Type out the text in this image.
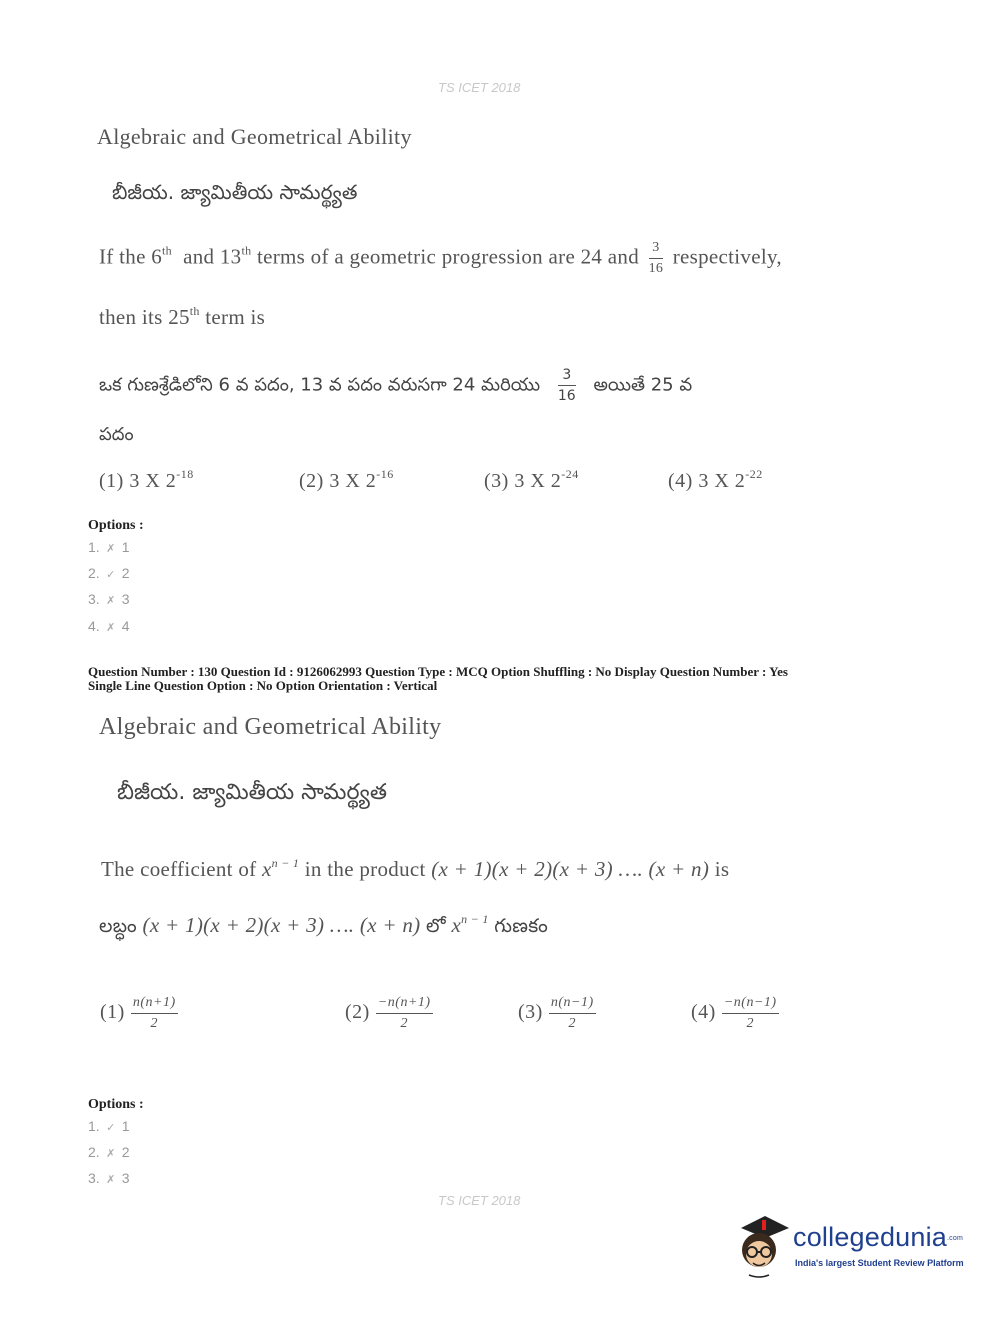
TS ICET 2018
Algebraic and Geometrical Ability
బీజీయ. జ్యామితీయ సామర్థ్యత
If the 6th and 13th terms of a geometric progression are 24 and $\frac{3}{16}$ respectively,
then its 25th term is
ఒక గుణశ్రేడిలోని 6 వ పదం, 13 వ పదం వరుసగా 24 మరియు $\frac{3}{16}$ అయితే 25 వ
పదం
(1) 3 X $2^{-18}$	(2) 3 X $2^{-16}$	(3) 3 X $2^{-24}$	(4) 3 X $2^{-22}$
Options :
1. ✗ 1
2. ✓ 2
3. ✗ 3
4. ✗ 4
Question Number : 130 Question Id : 9126062993 Question Type : MCQ Option Shuffling : No Display Question Number : Yes
Single Line Question Option : No Option Orientation : Vertical
Algebraic and Geometrical Ability
బీజీయ. జ్యామితీయ సామర్థ్యత
The coefficient of $x^{n - 1}$ in the product (x + 1)(x + 2)(x + 3) …. (x + n) is
లబ్ధం (x + 1)(x + 2)(x + 3) …. (x + n) లో $x^{n - 1}$ గుణకం
$(1) \frac{n(n+1)}{2}$	$(2) \frac{-n(n+1)}{2}$	$(3) \frac{n(n-1)}{2}$	$(4) \frac{-n(n-1)}{2}$
Options :
1. ✓ 1
2. ✗ 2
3. ✗ 3
TS ICET 2018
collegedunia$^{.com}$
India's largest Student Review Platform
